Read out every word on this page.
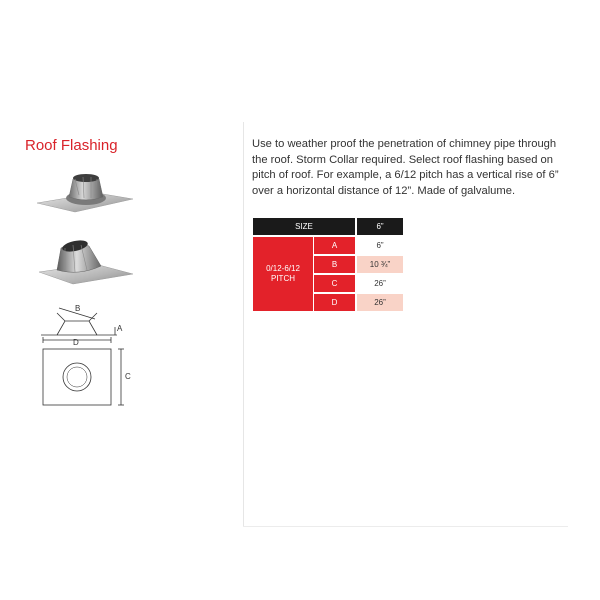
Roof Flashing
B
A
D
C
Use to weather proof the penetration of chimney pipe through the roof. Storm Collar required. Select roof flashing based on pitch of roof. For example, a 6/12 pitch has a vertical rise of 6” over a horizontal distance of 12”. Made of galvalume.
SIZE		6”
0/12-6/12
PITCH	A	6”
	B	10 ¾”
	C	26”
	D	26”
